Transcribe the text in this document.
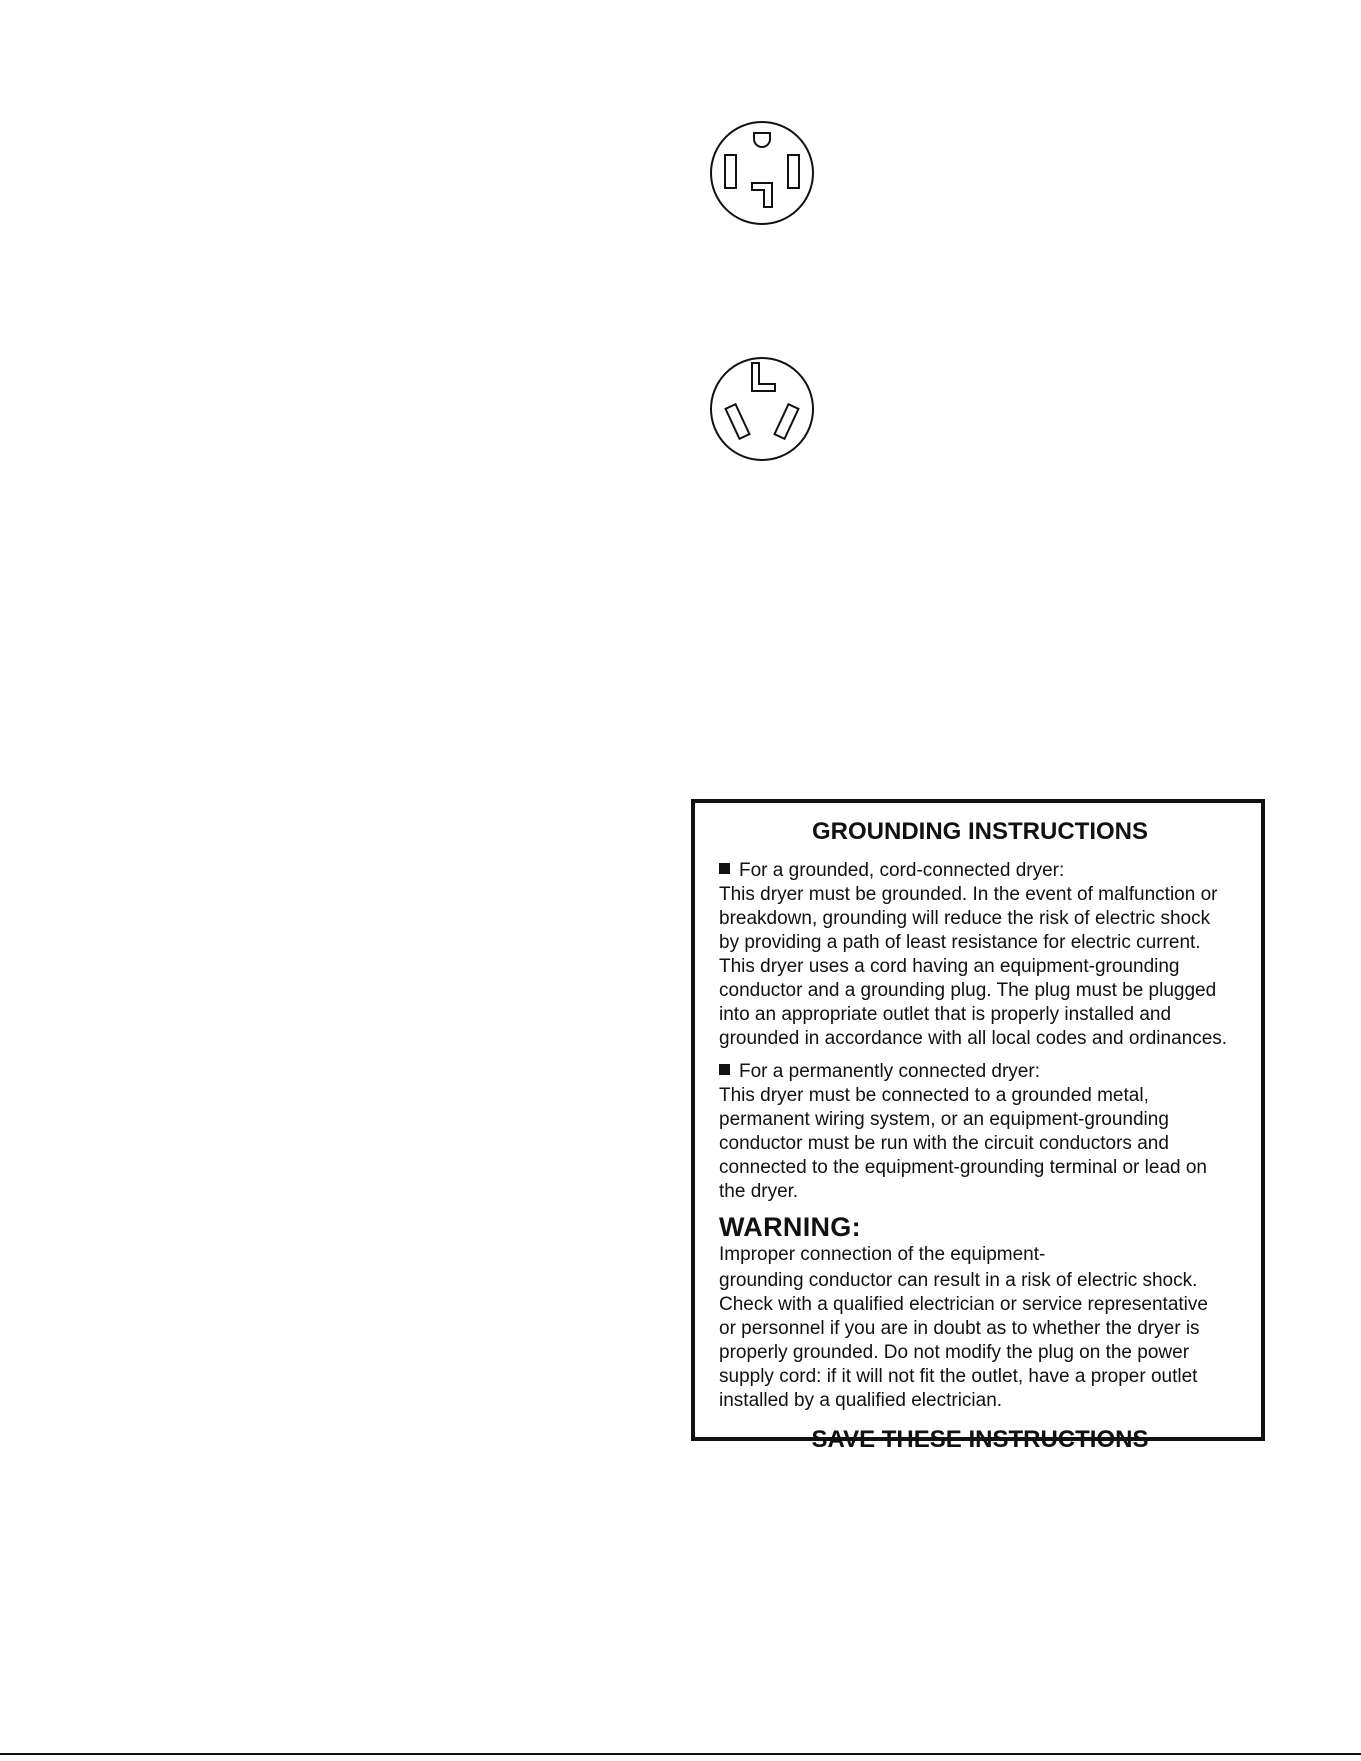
GROUNDING INSTRUCTIONS
For a grounded, cord-connected dryer:

This dryer must be grounded. In the event of malfunction or
breakdown, grounding will reduce the risk of electric shock
by providing a path of least resistance for electric current.
This dryer uses a cord having an equipment-grounding
conductor and a grounding plug. The plug must be plugged
into an appropriate outlet that is properly installed and
grounded in accordance with all local codes and ordinances.

For a permanently connected dryer:

This dryer must be connected to a grounded metal,
permanent wiring system, or an equipment-grounding
conductor must be run with the circuit conductors and
connected to the equipment-grounding terminal or lead on
the dryer.

WARNING:
Improper connection of the equipment-
grounding conductor can result in a risk of electric shock.
Check with a qualified electrician or service representative
or personnel if you are in doubt as to whether the dryer is
properly grounded. Do not modify the plug on the power
supply cord: if it will not fit the outlet, have a proper outlet
installed by a qualified electrician.

SAVE THESE INSTRUCTIONS
